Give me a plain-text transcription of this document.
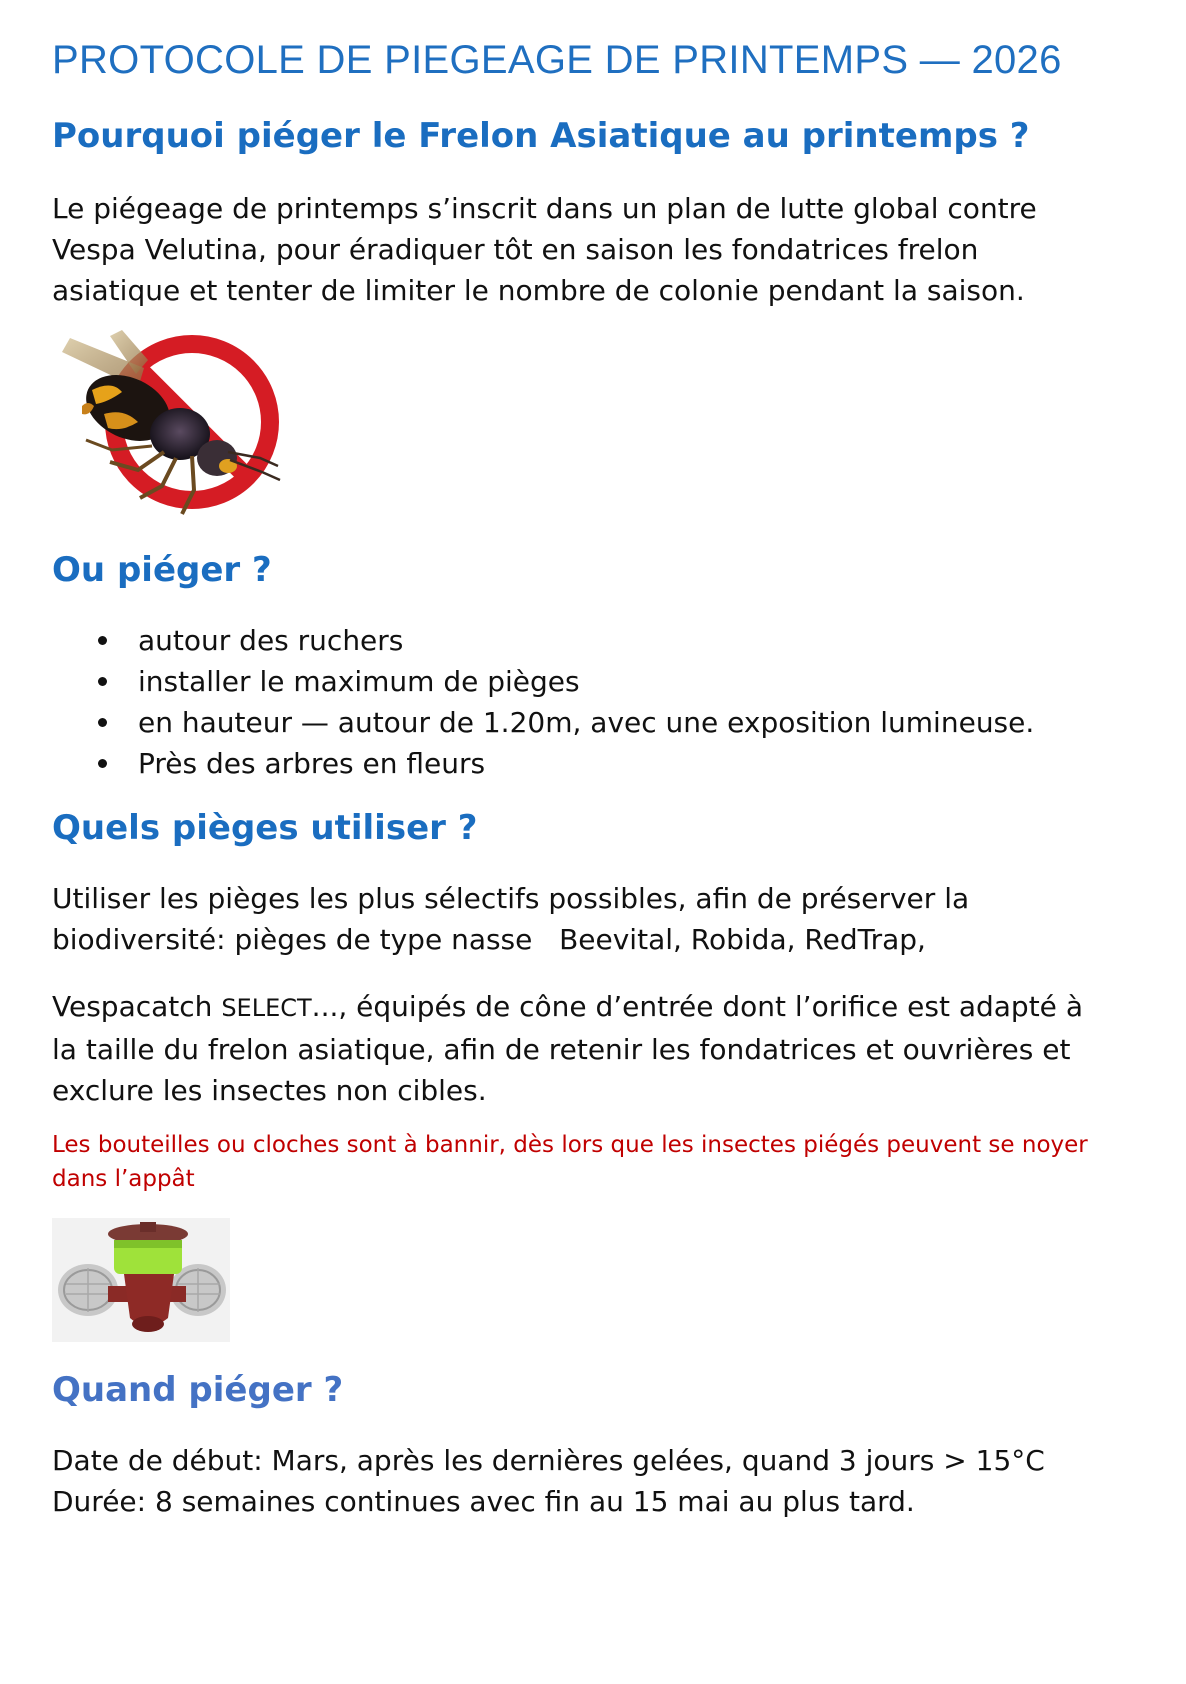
PROTOCOLE DE PIEGEAGE DE PRINTEMPS — 2026
Pourquoi piéger le Frelon Asiatique au printemps ?

Le piégeage de printemps s’inscrit dans un plan de lutte global contre
Vespa Velutina, pour éradiquer tôt en saison les fondatrices frelon
asiatique et tenter de limiter le nombre de colonie pendant la saison.

Ou piéger ?
autour des ruchers
installer le maximum de pièges
en hauteur — autour de 1.20m, avec une exposition lumineuse.
Près des arbres en fleurs
Quels pièges utiliser ?

Utiliser les pièges les plus sélectifs possibles, afin de préserver la
biodiversité: pièges de type nasse   Beevital, Robida, RedTrap,

Vespacatch SELECT..., équipés de cône d’entrée dont l’orifice est adapté à
la taille du frelon asiatique, afin de retenir les fondatrices et ouvrières et
exclure les insectes non cibles.

Les bouteilles ou cloches sont à bannir, dès lors que les insectes piégés peuvent se noyer
dans l’appât

Quand piéger ?

Date de début: Mars, après les dernières gelées, quand 3 jours > 15°C
Durée: 8 semaines continues avec fin au 15 mai au plus tard.
